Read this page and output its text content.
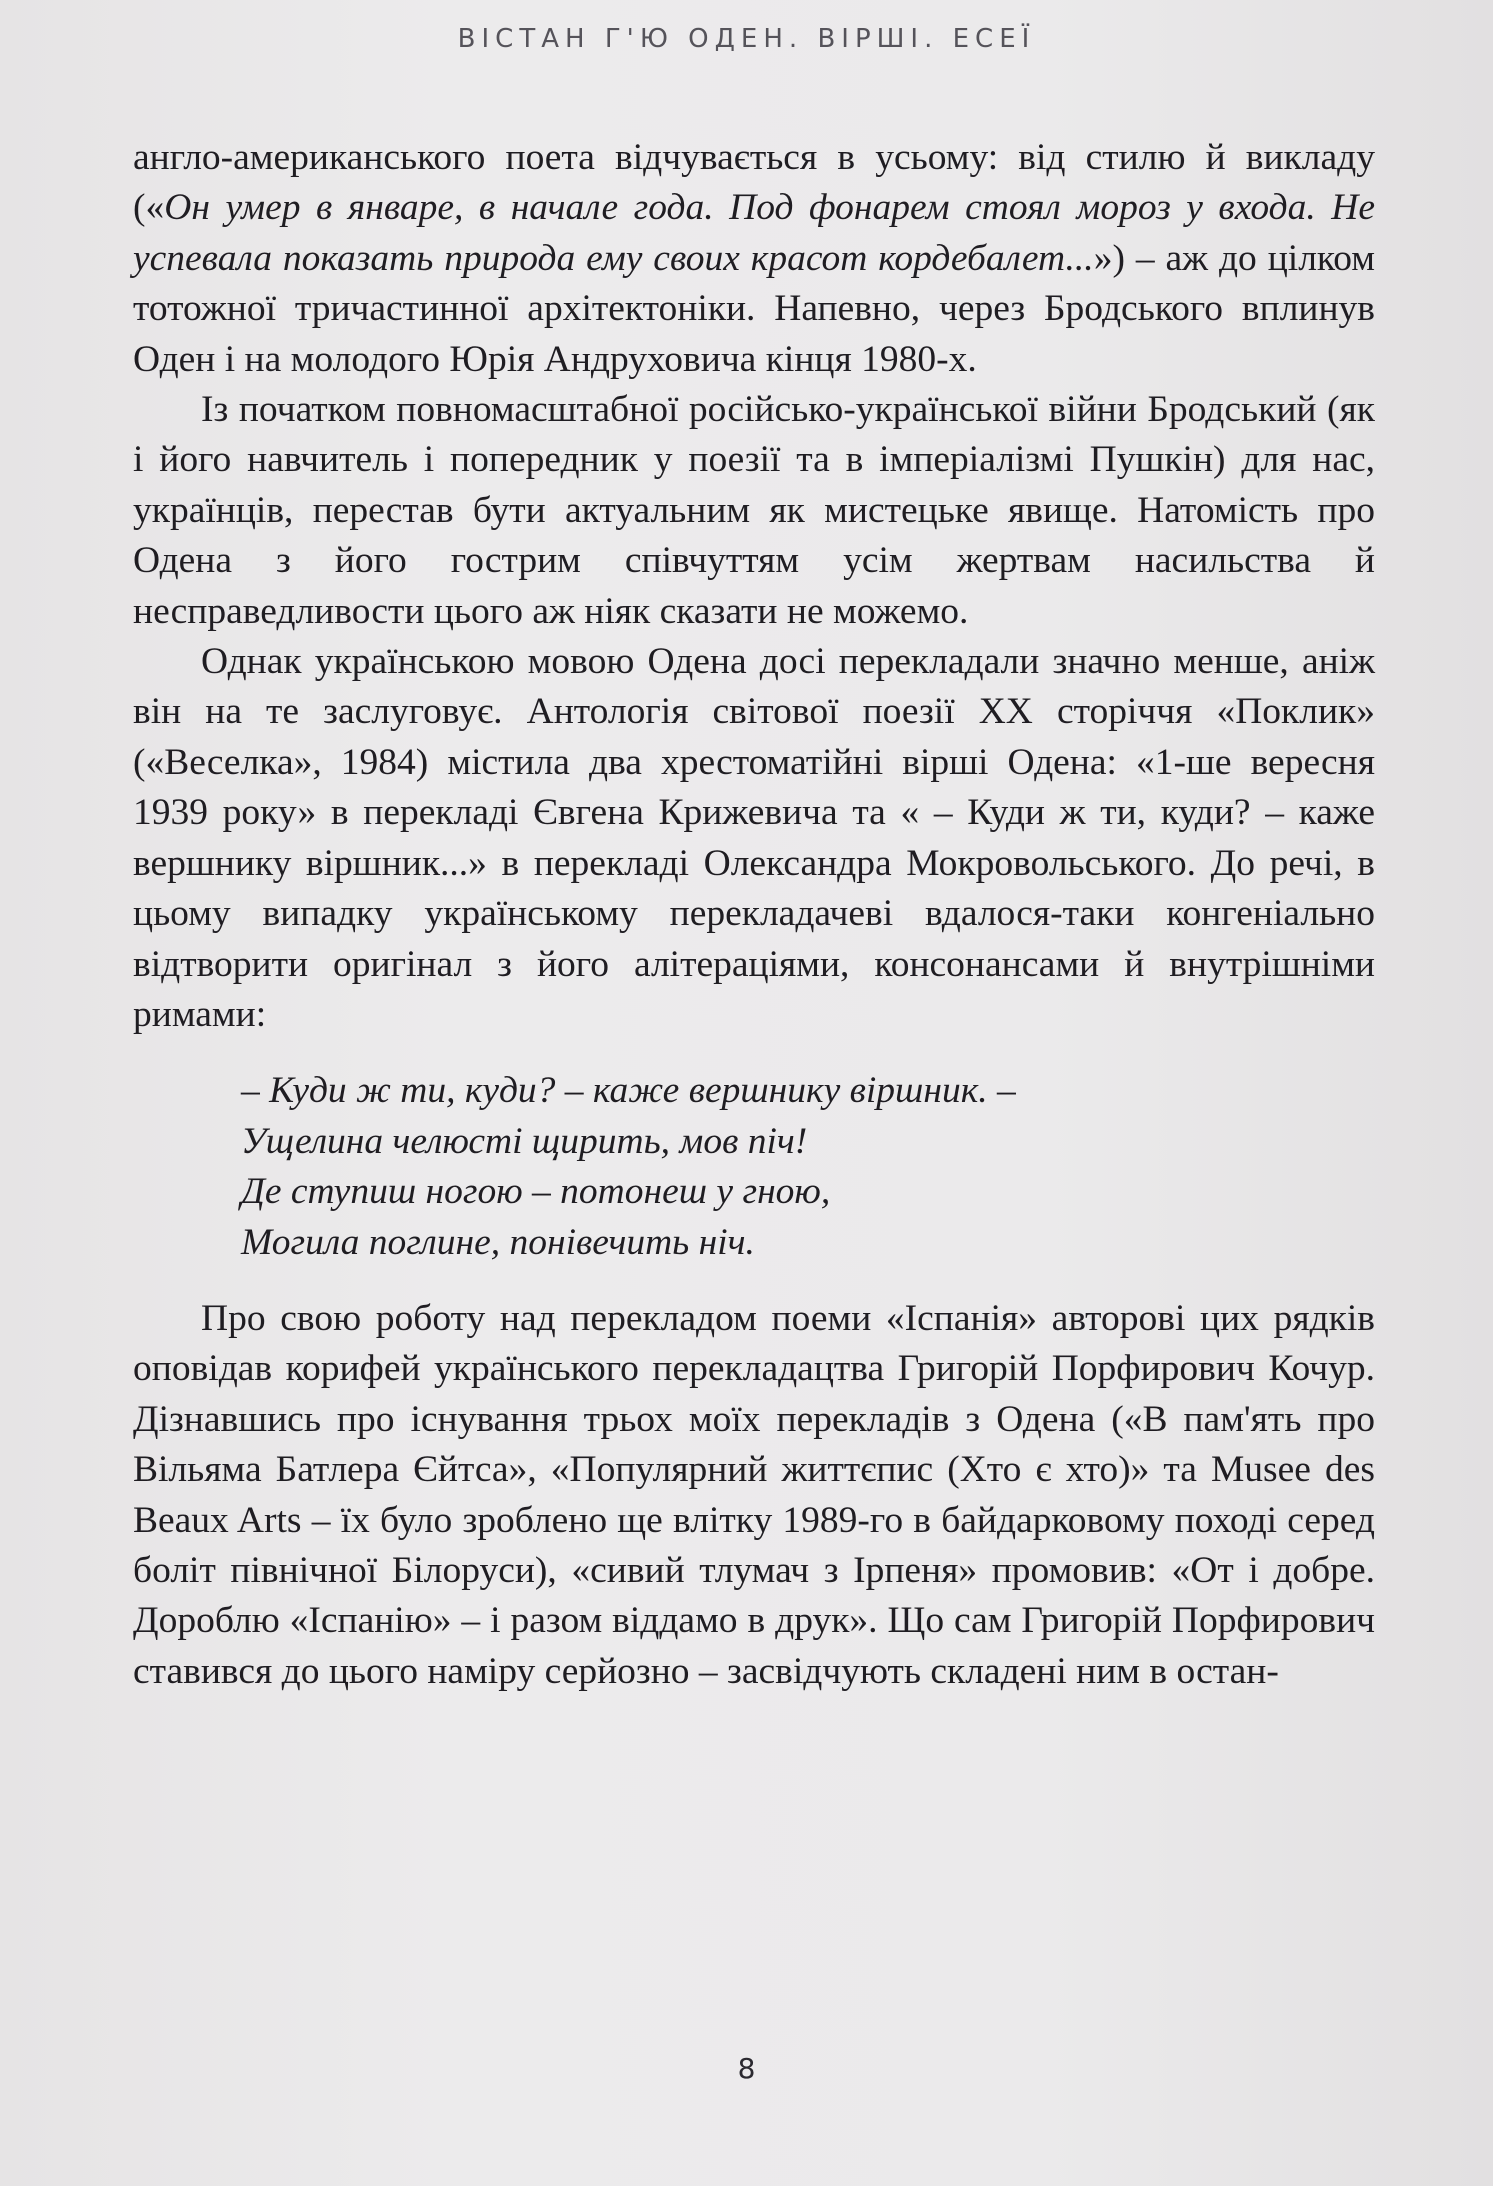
ВІСТАН Г'Ю ОДЕН. ВІРШІ. ЕСЕЇ

англо-американського поета відчувається в усьому: від стилю й викладу («Он умер в январе, в начале года. Под фонарем стоял мороз у входа. Не успевала показать природа ему своих красот кордебалет...») – аж до цілком тотожної тричастинної архітектоніки. Напевно, через Бродського вплинув Оден і на молодого Юрія Андруховича кінця 1980-х.

Із початком повномасштабної російсько-української війни Бродський (як і його навчитель і попередник у поезії та в імперіалізмі Пушкін) для нас, українців, перестав бути актуальним як мистецьке явище. Натомість про Одена з його гострим співчуттям усім жертвам насильства й несправедливости цього аж ніяк сказати не можемо.

Однак українською мовою Одена досі перекладали значно менше, аніж він на те заслуговує. Антологія світової поезії XX сторіччя «Поклик» («Веселка», 1984) містила два хрестоматійні вірші Одена: «1-ше вересня 1939 року» в перекладі Євгена Крижевича та « – Куди ж ти, куди? – каже вершнику віршник...» в перекладі Олександра Мокровольського. До речі, в цьому випадку українському перекладачеві вдалося-таки конгеніально відтворити оригінал з його алітераціями, консонансами й внутрішніми римами:

– Куди ж ти, куди? – каже вершнику віршник. –
Ущелина челюсті щирить, мов піч!
Де ступиш ногою – потонеш у гною,
Могила поглине, понівечить ніч.

Про свою роботу над перекладом поеми «Іспанія» авторові цих рядків оповідав корифей українського перекладацтва Григорій Порфирович Кочур. Дізнавшись про існування трьох моїх перекладів з Одена («В пам'ять про Вільяма Батлера Єйтса», «Популярний життєпис (Хто є хто)» та Musee des Beaux Arts – їх було зроблено ще влітку 1989-го в байдарковому поході серед боліт північної Білоруси), «сивий тлумач з Ірпеня» промовив: «От і добре. Дороблю «Іспанію» – і разом віддамо в друк». Що сам Григорій Порфирович ставився до цього наміру серйозно – засвідчують складені ним в остан-

8
